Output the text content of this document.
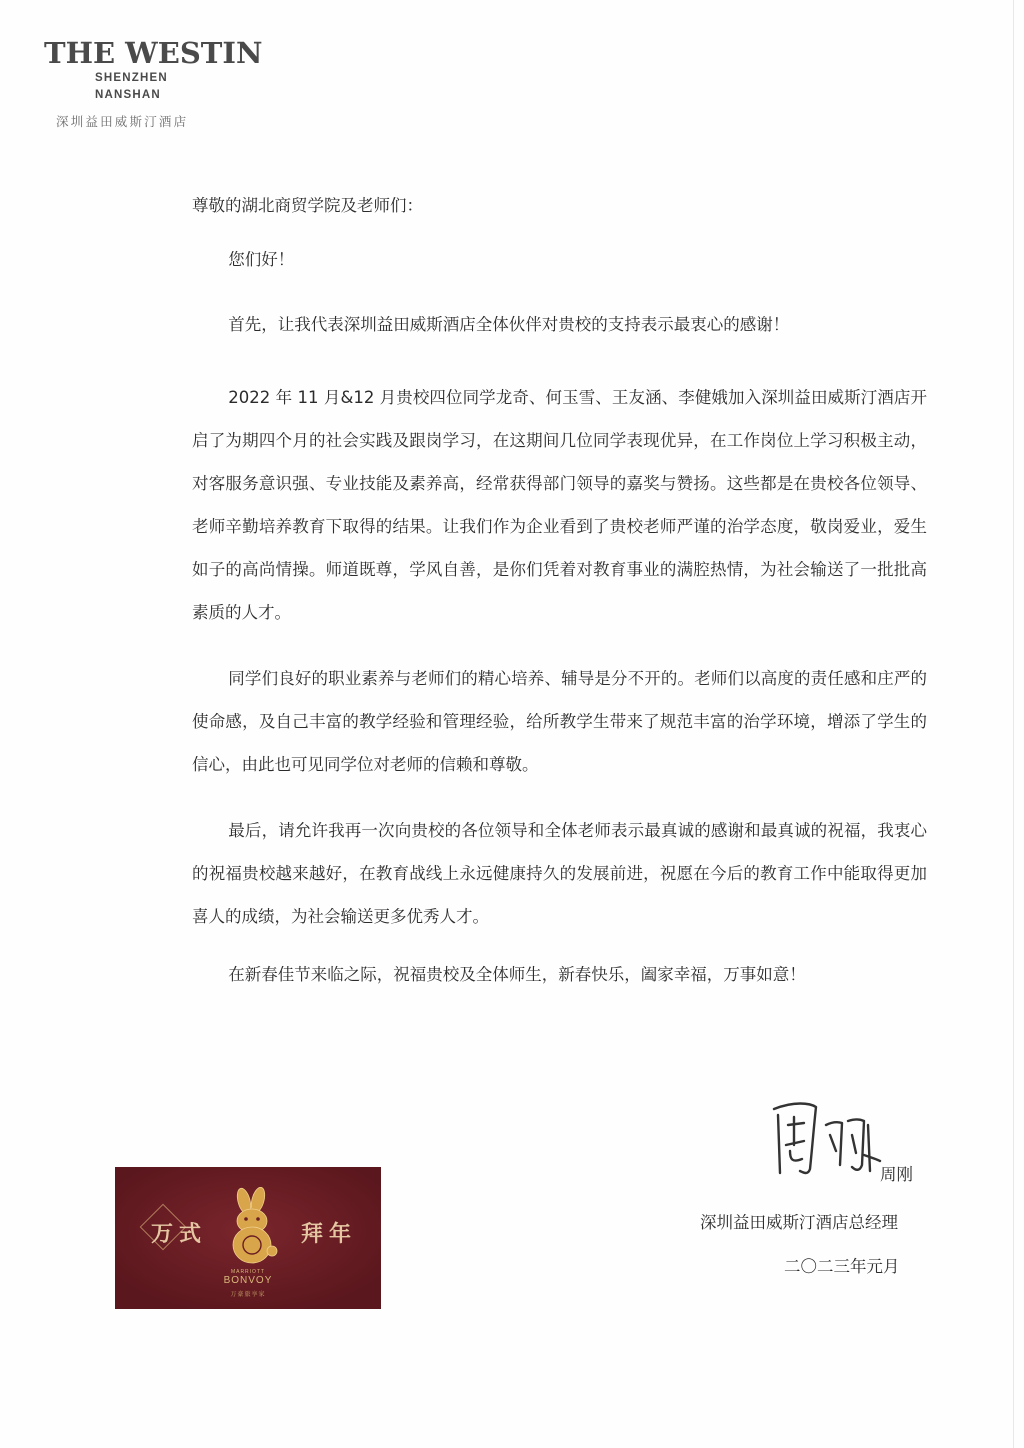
THE WESTIN
SHENZHEN
NANSHAN
深圳益田威斯汀酒店
尊敬的湖北商贸学院及老师们：

您们好！

首先，让我代表深圳益田威斯酒店全体伙伴对贵校的支持表示最衷心的感谢！

2022 年 11 月&12 月贵校四位同学龙奇、何玉雪、王友涵、李健娥加入深圳益田威斯汀酒店开启了为期四个月的社会实践及跟岗学习，在这期间几位同学表现优异，在工作岗位上学习积极主动，对客服务意识强、专业技能及素养高，经常获得部门领导的嘉奖与赞扬。这些都是在贵校各位领导、老师辛勤培养教育下取得的结果。让我们作为企业看到了贵校老师严谨的治学态度，敬岗爱业，爱生如子的高尚情操。师道既尊，学风自善，是你们凭着对教育事业的满腔热情，为社会输送了一批批高素质的人才。

同学们良好的职业素养与老师们的精心培养、辅导是分不开的。老师们以高度的责任感和庄严的使命感，及自己丰富的教学经验和管理经验，给所教学生带来了规范丰富的治学环境，增添了学生的信心，由此也可见同学位对老师的信赖和尊敬。

最后，请允许我再一次向贵校的各位领导和全体老师表示最真诚的感谢和最真诚的祝福，我衷心的祝福贵校越来越好，在教育战线上永远健康持久的发展前进，祝愿在今后的教育工作中能取得更加喜人的成绩，为社会输送更多优秀人才。

在新春佳节来临之际，祝福贵校及全体师生，新春快乐，阖家幸福，万事如意！

周刚
深圳益田威斯汀酒店总经理
二〇二三年元月
万式	拜年
MARRIOTT
BONVOY
万豪旅享家
